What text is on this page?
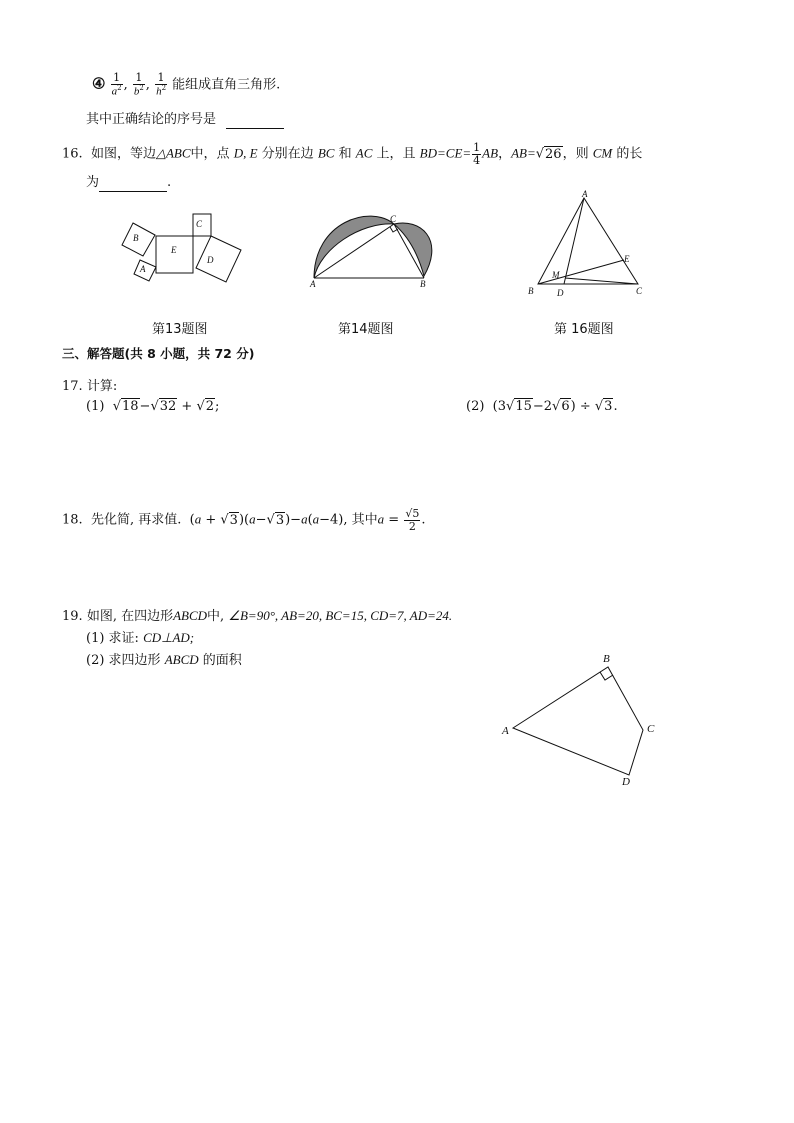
④ $\frac{1}{a^2}$ , $\frac{1}{b^2}$ , $\frac{1}{h^2}$ 能组成直角三角形.
其中正确结论的序号是
16. 如图，等边△ABC中，点 D, E 分别在边 BC 和 AC 上，且 $BD=CE= \frac{1}{4}$ AB，AB=√26，则 CM 的长
为	.
B
A
C
E
D
A	B
C
A
B	C
D
E
M
第13题图	第14题图	第 16题图
三、解答题(共 8 小题，共 72 分)
17. 计算:
(1) √18−√32 + √2;	(2)  (3√15−2√6) ÷ √3.
18. 先化简, 再求值.  (a + √3)(a−√3)−a(a−4), 其中$a = \frac{√5}{2}$ .
19. 如图, 在四边形ABCD中, ∠B=90°, AB=20, BC=15, CD=7, AD=24.
(1) 求证: CD⊥AD;
(2) 求四边形 ABCD 的面积	B
A	C
D
